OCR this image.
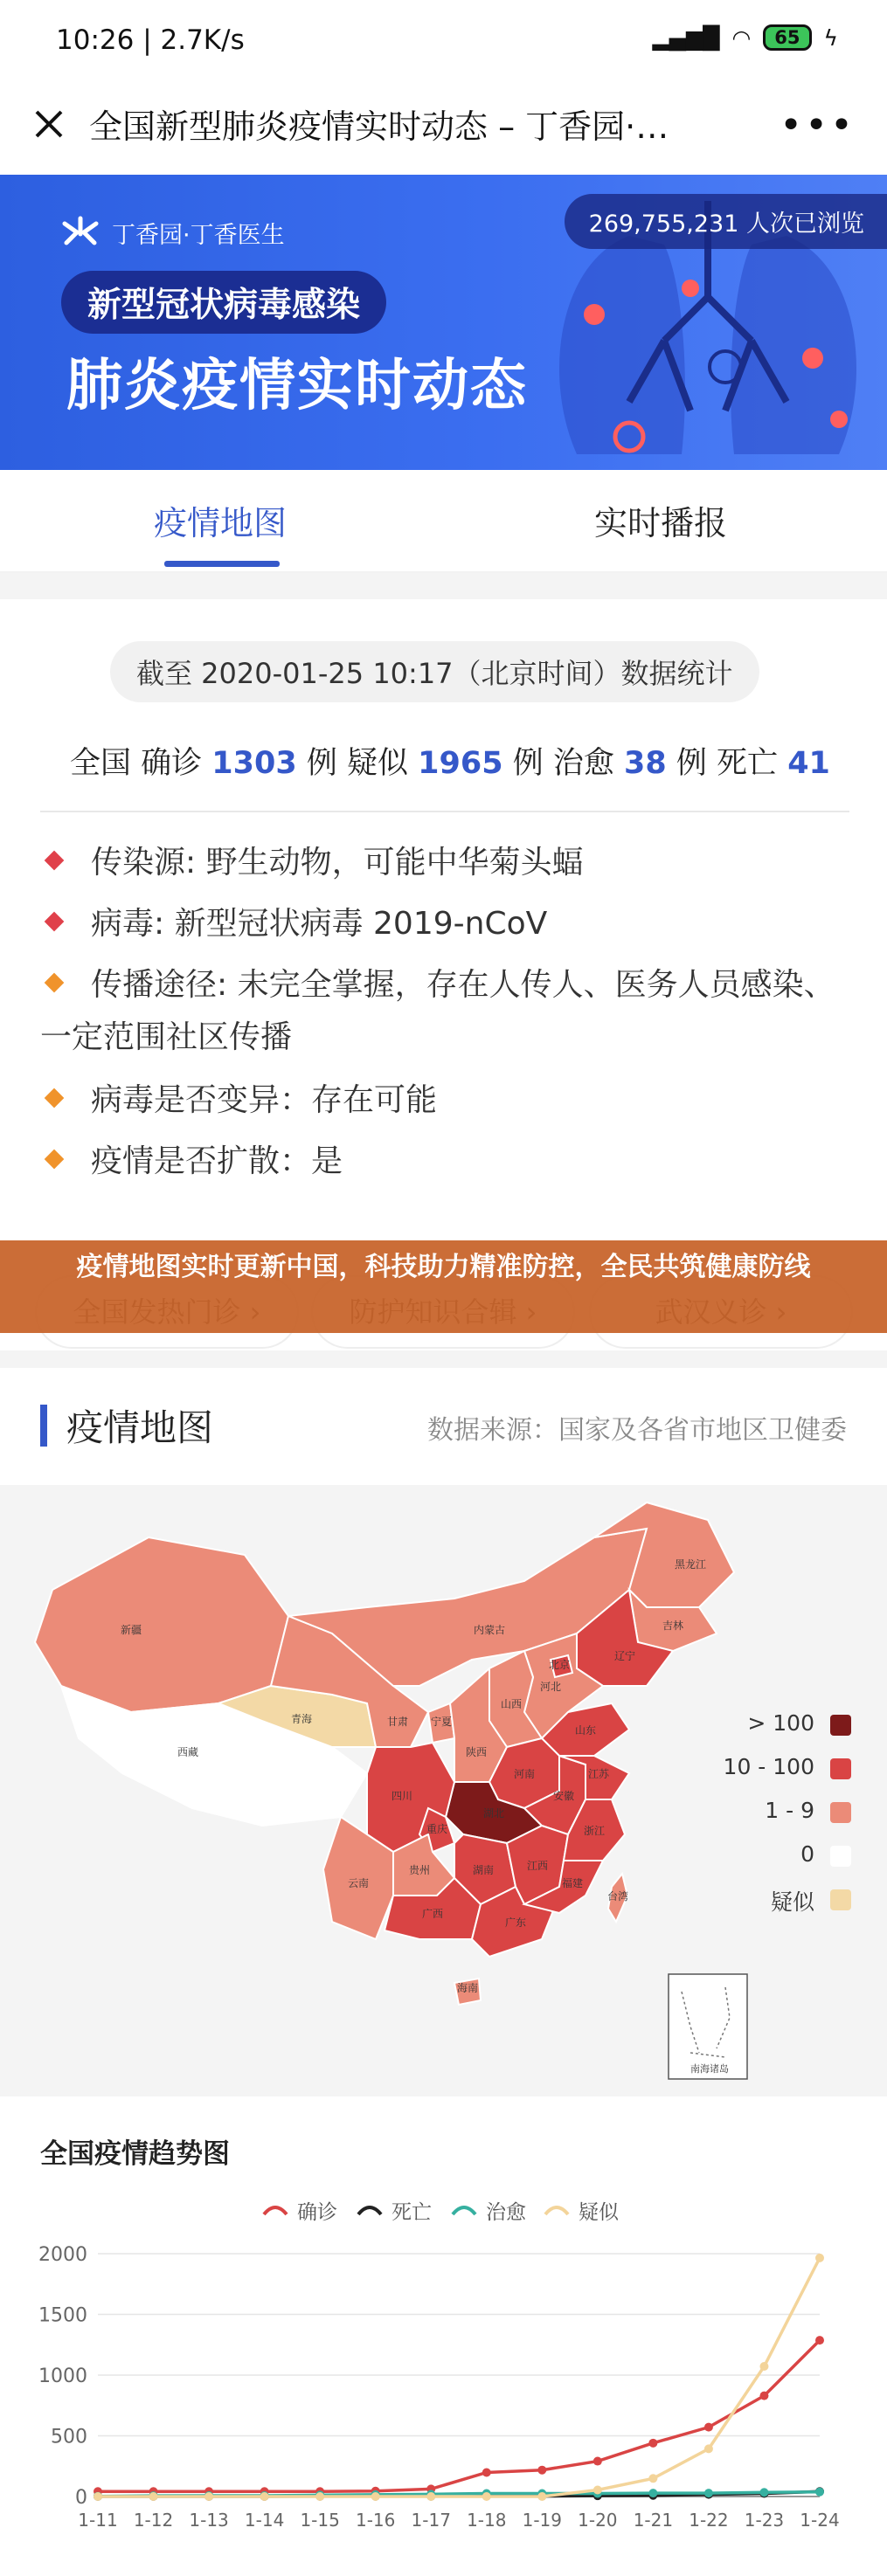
10:26 | 2.7K/s	▂▄▆█ ◠	65	ϟ
全国新型肺炎疫情实时动态 – 丁香园·…	•••
丁香园·丁香医生
新型冠状病毒感染
肺炎疫情实时动态
269,755,231 人次已浏览
疫情地图	实时播报
截至 2020-01-25 10:17（北京时间）数据统计
全国 确诊 1303 例 疑似 1965 例 治愈 38 例 死亡 41
传染源: 野生动物，可能中华菊头蝠
病毒: 新型冠状病毒 2019-nCoV
传播途径: 未完全掌握，存在人传人、医务人员感染、一定范围社区传播
病毒是否变异：存在可能
疫情是否扩散：是
疫情地图实时更新中国，科技助力精准防控，全民共筑健康防线
疫情地图	数据来源：国家及各省市地区卫健委
新疆
西藏
青海	甘肃
内蒙古
黑龙江
吉林
辽宁
河北
北京
山西
宁夏
陕西
山东
河南
湖北
安徽
江苏
四川
重庆
湖南	江西
浙江
贵州
云南
广西
广东
福建
台湾
海南
南海诸岛
> 100
10 - 100
1 - 9
0
疑似
全国疫情趋势图
确诊	死亡	治愈	疑似
0
500
1000
1500
2000
1-11 1-12 1-13 1-14 1-15 1-16 1-17 1-18 1-19 1-20 1-21 1-22 1-23 1-24
